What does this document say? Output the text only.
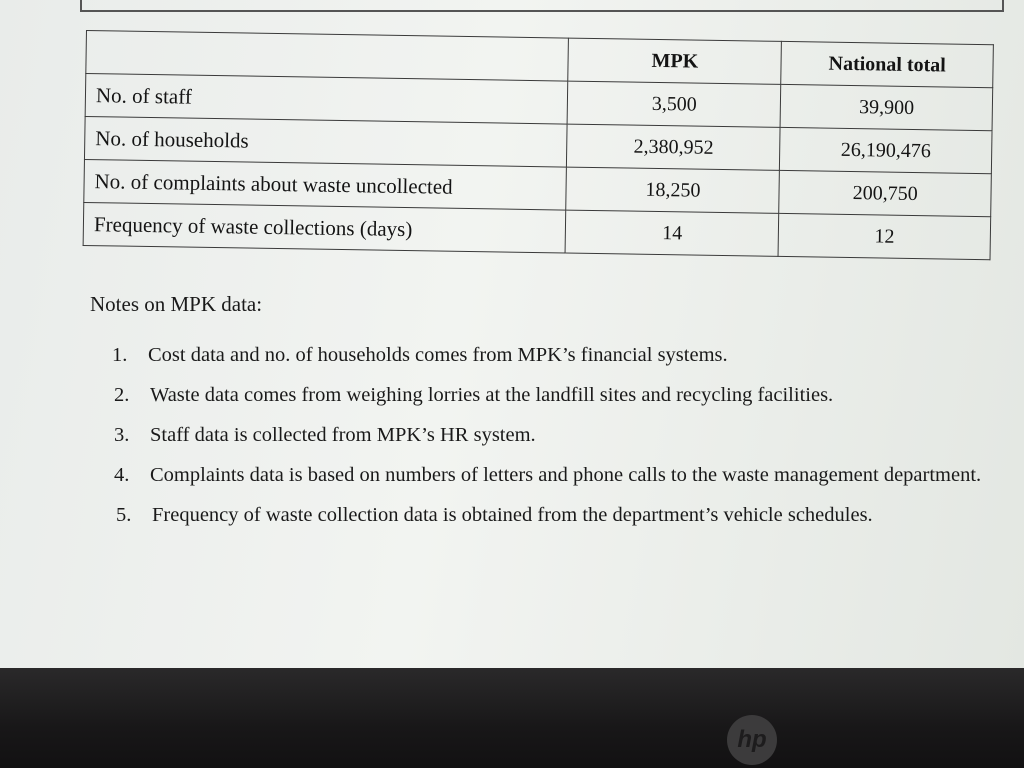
	MPK	National total
No. of staff	3,500	39,900
No. of households	2,380,952	26,190,476
No. of complaints about waste uncollected	18,250	200,750
Frequency of waste collections (days)	14	12

Notes on MPK data:

1.	Cost data and no. of households comes from MPK’s financial systems.
2.	Waste data comes from weighing lorries at the landfill sites and recycling facilities.
3.	Staff data is collected from MPK’s HR system.
4.	Complaints data is based on numbers of letters and phone calls to the waste management department.
5.	Frequency of waste collection data is obtained from the department’s vehicle schedules.
hp
